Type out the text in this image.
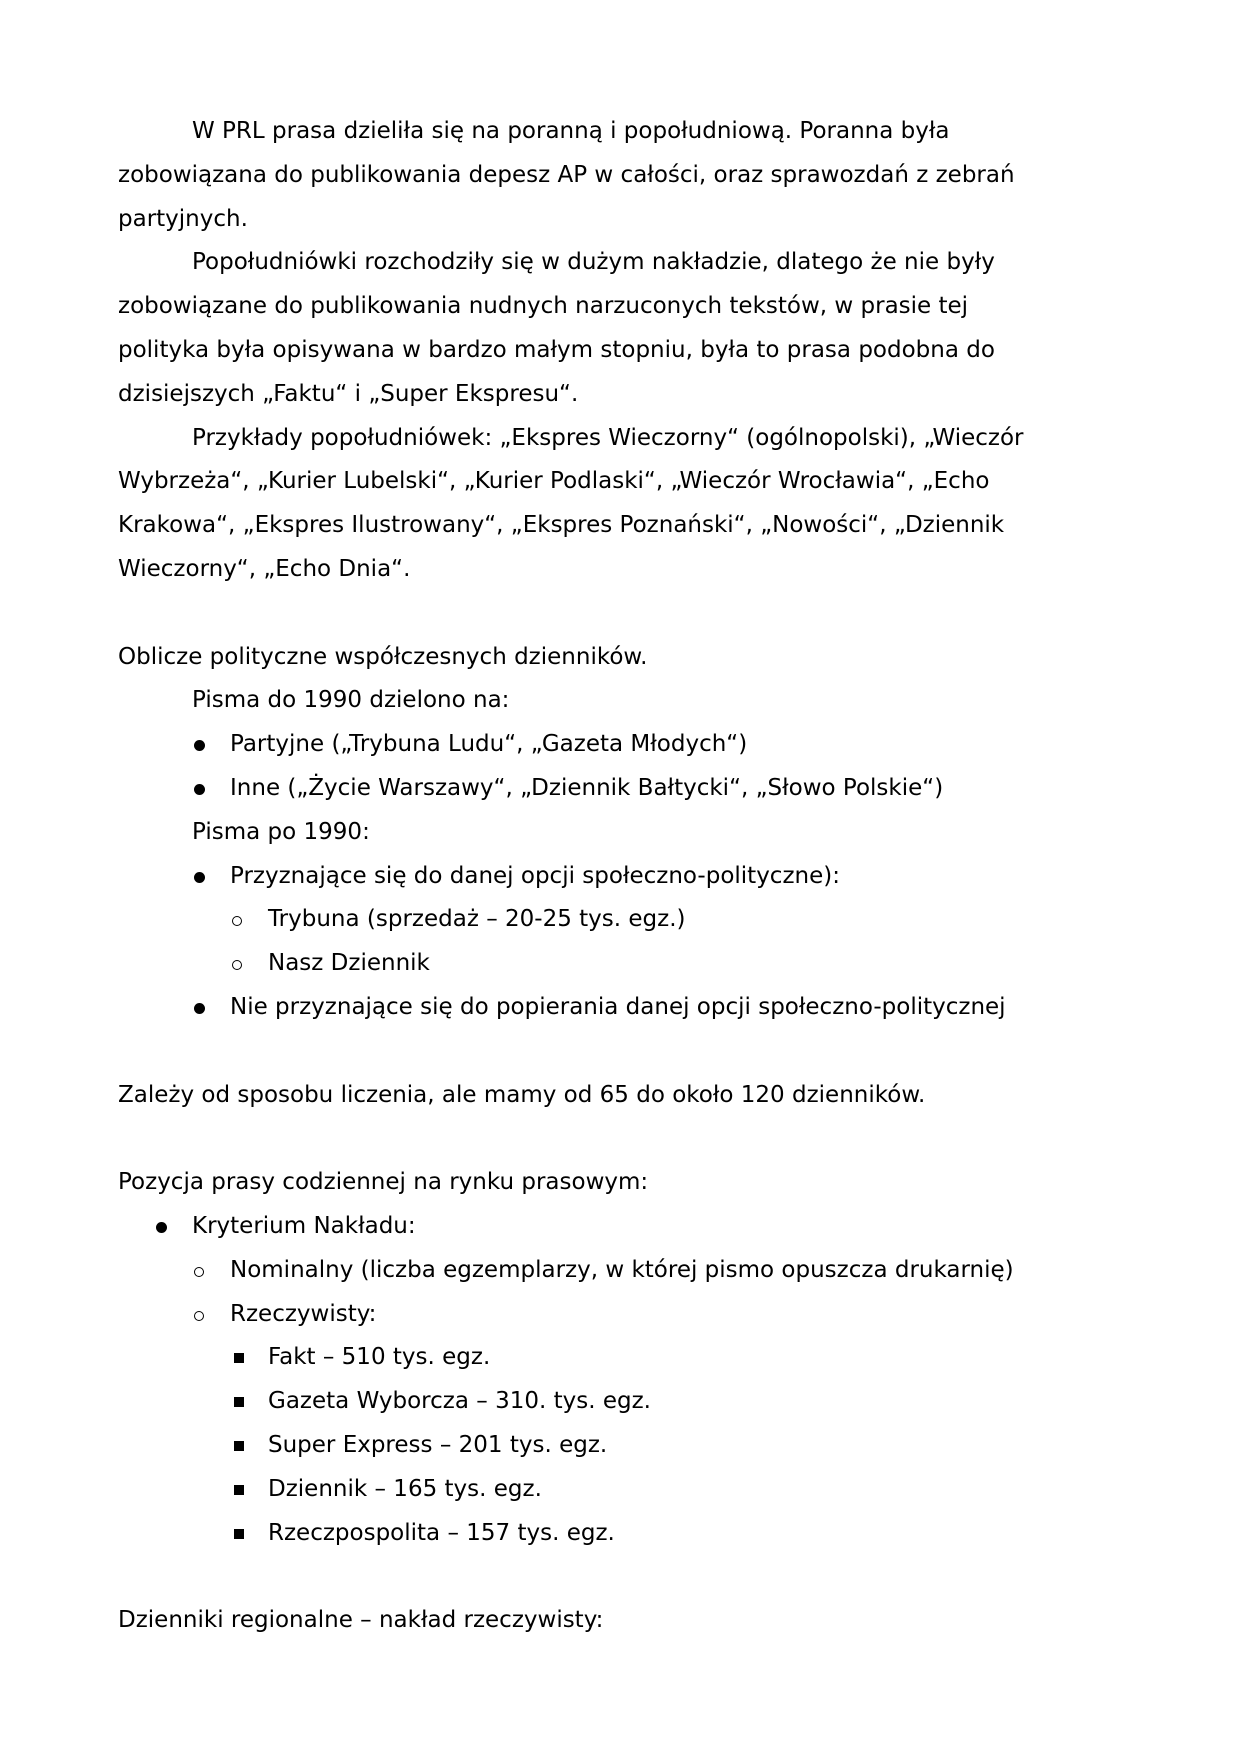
W PRL prasa dzieliła się na poranną i popołudniową. Poranna była
zobowiązana do publikowania depesz AP w całości, oraz sprawozdań z zebrań
partyjnych.
Popołudniówki rozchodziły się w dużym nakładzie, dlatego że nie były
zobowiązane do publikowania nudnych narzuconych tekstów, w prasie tej
polityka była opisywana w bardzo małym stopniu, była to prasa podobna do
dzisiejszych „Faktu“ i „Super Ekspresu“.
Przykłady popołudniówek: „Ekspres Wieczorny“ (ogólnopolski), „Wieczór
Wybrzeża“, „Kurier Lubelski“, „Kurier Podlaski“, „Wieczór Wrocławia“, „Echo
Krakowa“, „Ekspres Ilustrowany“, „Ekspres Poznański“, „Nowości“, „Dziennik
Wieczorny“, „Echo Dnia“.
Oblicze polityczne współczesnych dzienników.
Pisma do 1990 dzielono na:
Partyjne („Trybuna Ludu“, „Gazeta Młodych“)
Inne („Życie Warszawy“, „Dziennik Bałtycki“, „Słowo Polskie“)
Pisma po 1990:
Przyznające się do danej opcji społeczno-polityczne):
Trybuna (sprzedaż – 20-25 tys. egz.)
Nasz Dziennik
Nie przyznające się do popierania danej opcji społeczno-politycznej
Zależy od sposobu liczenia, ale mamy od 65 do około 120 dzienników.
Pozycja prasy codziennej na rynku prasowym:
Kryterium Nakładu:
Nominalny (liczba egzemplarzy, w której pismo opuszcza drukarnię)
Rzeczywisty:
Fakt – 510 tys. egz.
Gazeta Wyborcza – 310. tys. egz.
Super Express – 201 tys. egz.
Dziennik – 165 tys. egz.
Rzeczpospolita – 157 tys. egz.
Dzienniki regionalne – nakład rzeczywisty:
